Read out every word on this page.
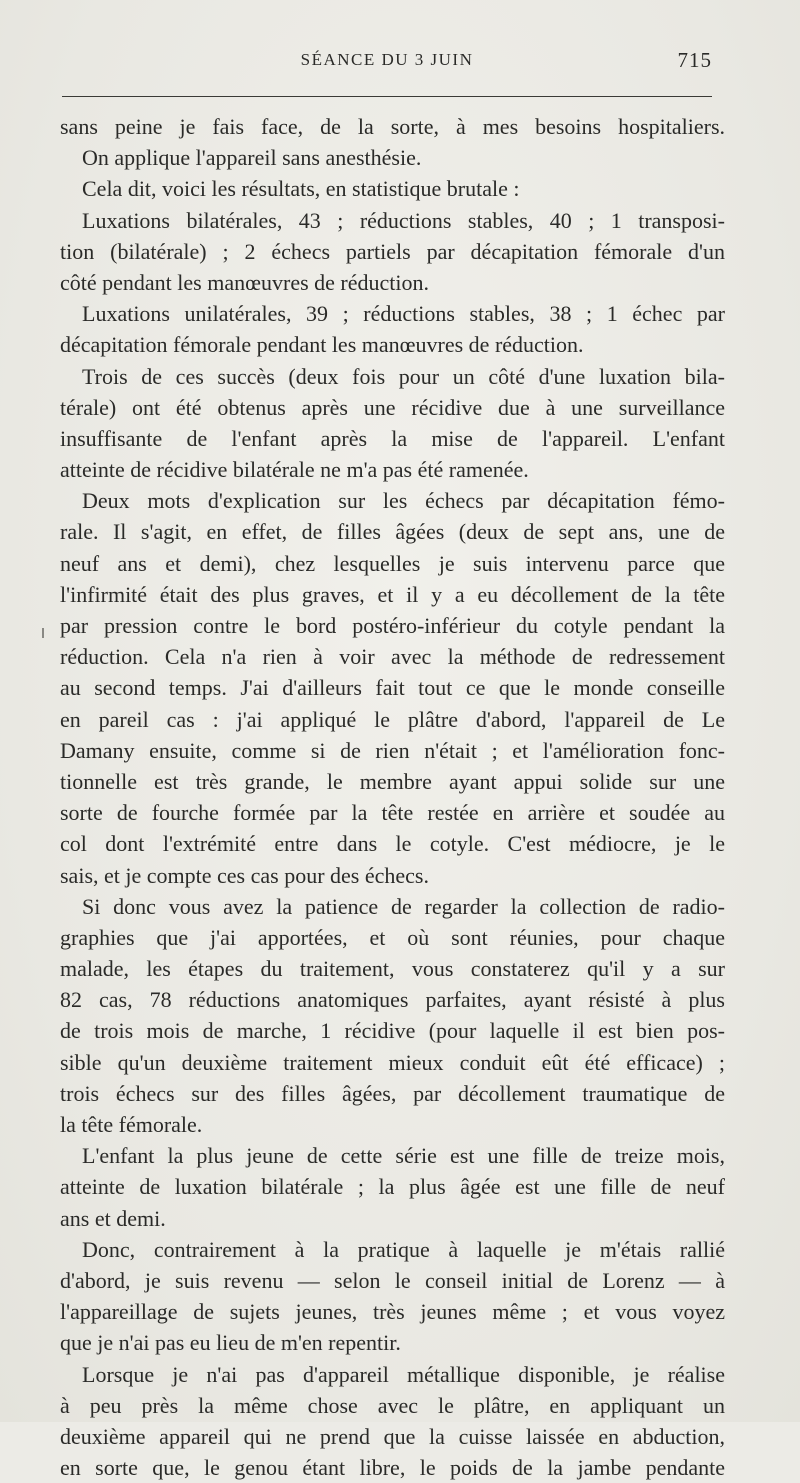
SÉANCE DU 3 JUIN	715
sans peine je fais face, de la sorte, à mes besoins hospitaliers.
On applique l'appareil sans anesthésie.
Cela dit, voici les résultats, en statistique brutale :
Luxations bilatérales, 43 ; réductions stables, 40 ; 1 transposi-
tion (bilatérale) ; 2 échecs partiels par décapitation fémorale d'un
côté pendant les manœuvres de réduction.
Luxations unilatérales, 39 ; réductions stables, 38 ; 1 échec par
décapitation fémorale pendant les manœuvres de réduction.
Trois de ces succès (deux fois pour un côté d'une luxation bila-
térale) ont été obtenus après une récidive due à une surveillance
insuffisante de l'enfant après la mise de l'appareil. L'enfant
atteinte de récidive bilatérale ne m'a pas été ramenée.
Deux mots d'explication sur les échecs par décapitation fémo-
rale. Il s'agit, en effet, de filles âgées (deux de sept ans, une de
neuf ans et demi), chez lesquelles je suis intervenu parce que
l'infirmité était des plus graves, et il y a eu décollement de la tête
par pression contre le bord postéro-inférieur du cotyle pendant la
réduction. Cela n'a rien à voir avec la méthode de redressement
au second temps. J'ai d'ailleurs fait tout ce que le monde conseille
en pareil cas : j'ai appliqué le plâtre d'abord, l'appareil de Le
Damany ensuite, comme si de rien n'était ; et l'amélioration fonc-
tionnelle est très grande, le membre ayant appui solide sur une
sorte de fourche formée par la tête restée en arrière et soudée au
col dont l'extrémité entre dans le cotyle. C'est médiocre, je le
sais, et je compte ces cas pour des échecs.
Si donc vous avez la patience de regarder la collection de radio-
graphies que j'ai apportées, et où sont réunies, pour chaque
malade, les étapes du traitement, vous constaterez qu'il y a sur
82 cas, 78 réductions anatomiques parfaites, ayant résisté à plus
de trois mois de marche, 1 récidive (pour laquelle il est bien pos-
sible qu'un deuxième traitement mieux conduit eût été efficace) ;
trois échecs sur des filles âgées, par décollement traumatique de
la tête fémorale.
L'enfant la plus jeune de cette série est une fille de treize mois,
atteinte de luxation bilatérale ; la plus âgée est une fille de neuf
ans et demi.
Donc, contrairement à la pratique à laquelle je m'étais rallié
d'abord, je suis revenu — selon le conseil initial de Lorenz — à
l'appareillage de sujets jeunes, très jeunes même ; et vous voyez
que je n'ai pas eu lieu de m'en repentir.
Lorsque je n'ai pas d'appareil métallique disponible, je réalise
à peu près la même chose avec le plâtre, en appliquant un
deuxième appareil qui ne prend que la cuisse laissée en abduction,
en sorte que, le genou étant libre, le poids de la jambe pendante
